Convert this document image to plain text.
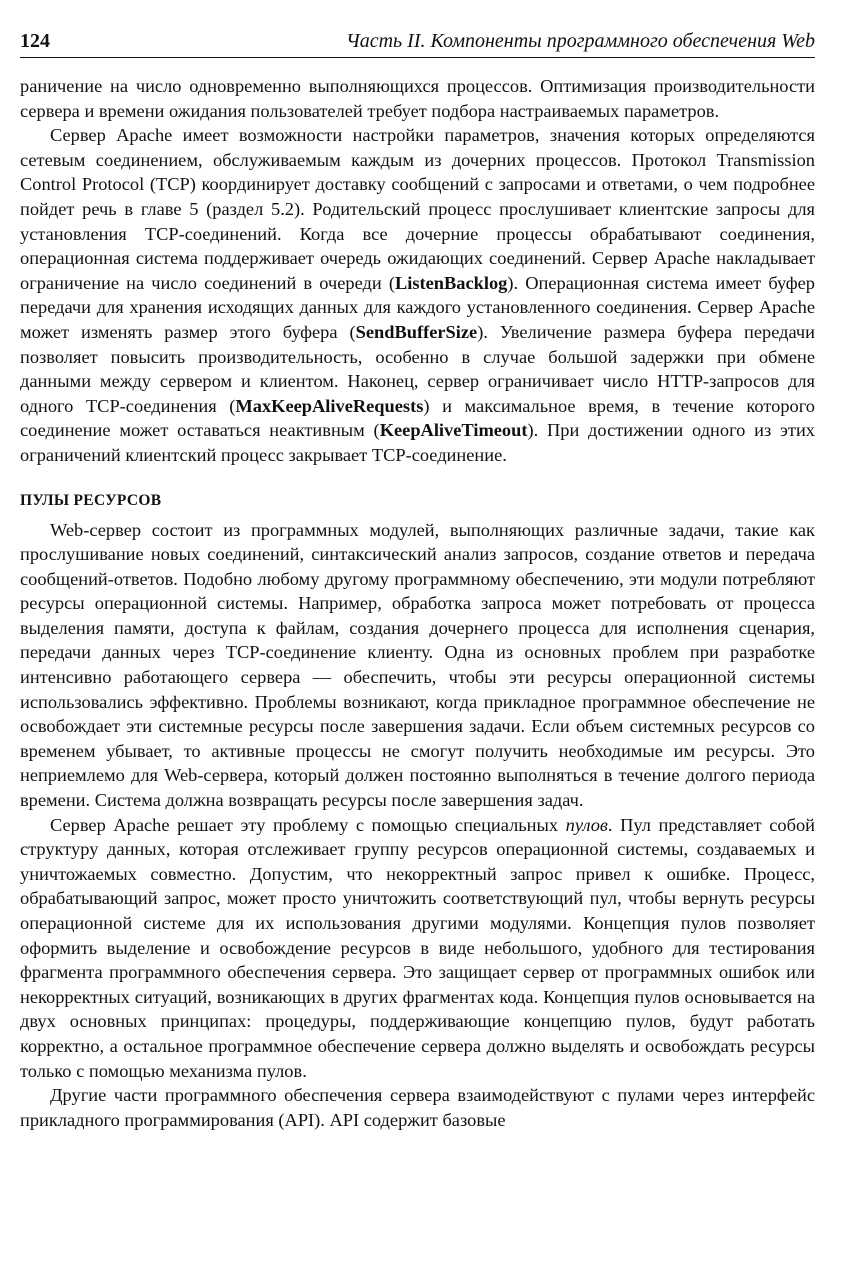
124	Часть II. Компоненты программного обеспечения Web

раничение на число одновременно выполняющихся процессов. Оптимизация производительности сервера и времени ожидания пользователей требует подбора настраиваемых параметров.

Сервер Apache имеет возможности настройки параметров, значения которых определяются сетевым соединением, обслуживаемым каждым из дочерних процессов. Протокол Transmission Control Protocol (TCP) координирует доставку сообщений с запросами и ответами, о чем подробнее пойдет речь в главе 5 (раздел 5.2). Родительский процесс прослушивает клиентские запросы для установления TCP-соединений. Когда все дочерние процессы обрабатывают соединения, операционная система поддерживает очередь ожидающих соединений. Сервер Apache накладывает ограничение на число соединений в очереди (ListenBacklog). Операционная система имеет буфер передачи для хранения исходящих данных для каждого установленного соединения. Сервер Apache может изменять размер этого буфера (SendBufferSize). Увеличение размера буфера передачи позволяет повысить производительность, особенно в случае большой задержки при обмене данными между сервером и клиентом. Наконец, сервер ограничивает число HTTP-запросов для одного TCP-соединения (MaxKeepAliveRequests) и максимальное время, в течение которого соединение может оставаться неактивным (KeepAliveTimeout). При достижении одного из этих ограничений клиентский процесс закрывает TCP-соединение.

ПУЛЫ РЕСУРСОВ

Web-сервер состоит из программных модулей, выполняющих различные задачи, такие как прослушивание новых соединений, синтаксический анализ запросов, создание ответов и передача сообщений-ответов. Подобно любому другому программному обеспечению, эти модули потребляют ресурсы операционной системы. Например, обработка запроса может потребовать от процесса выделения памяти, доступа к файлам, создания дочернего процесса для исполнения сценария, передачи данных через TCP-соединение клиенту. Одна из основных проблем при разработке интенсивно работающего сервера — обеспечить, чтобы эти ресурсы операционной системы использовались эффективно. Проблемы возникают, когда прикладное программное обеспечение не освобождает эти системные ресурсы после завершения задачи. Если объем системных ресурсов со временем убывает, то активные процессы не смогут получить необходимые им ресурсы. Это неприемлемо для Web-сервера, который должен постоянно выполняться в течение долгого периода времени. Система должна возвращать ресурсы после завершения задач.

Сервер Apache решает эту проблему с помощью специальных пулов. Пул представляет собой структуру данных, которая отслеживает группу ресурсов операционной системы, создаваемых и уничтожаемых совместно. Допустим, что некорректный запрос привел к ошибке. Процесс, обрабатывающий запрос, может просто уничтожить соответствующий пул, чтобы вернуть ресурсы операционной системе для их использования другими модулями. Концепция пулов позволяет оформить выделение и освобождение ресурсов в виде небольшого, удобного для тестирования фрагмента программного обеспечения сервера. Это защищает сервер от программных ошибок или некорректных ситуаций, возникающих в других фрагментах кода. Концепция пулов основывается на двух основных принципах: процедуры, поддерживающие концепцию пулов, будут работать корректно, а остальное программное обеспечение сервера должно выделять и освобождать ресурсы только с помощью механизма пулов.

Другие части программного обеспечения сервера взаимодействуют с пулами через интерфейс прикладного программирования (API). API содержит базовые
